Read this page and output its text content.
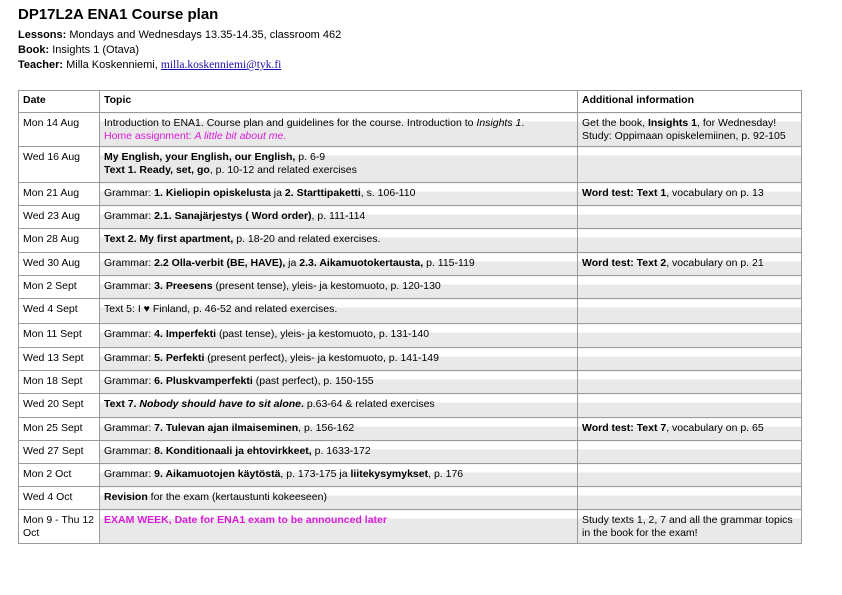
DP17L2A ENA1 Course plan
Lessons: Mondays and Wednesdays 13.35-14.35, classroom 462
Book: Insights 1 (Otava)
Teacher: Milla Koskenniemi, milla.koskenniemi@tyk.fi
Date	Topic	Additional information

Mon 14 Aug	Introduction to ENA1. Course plan and guidelines for the course. Introduction to Insights 1.
Home assignment: A little bit about me.	Get the book, Insights 1, for Wednesday!
Study: Oppimaan opiskelemiinen, p. 92-105

Wed 16 Aug	My English, your English, our English, p. 6-9
Text 1. Ready, set, go, p. 10-12 and related exercises	

Mon 21 Aug	Grammar: 1. Kieliopin opiskelusta ja 2. Starttipaketti, s. 106-110	Word test: Text 1, vocabulary on p. 13

Wed 23 Aug	Grammar: 2.1. Sanajärjestys ( Word order), p. 111-114	

Mon 28 Aug	Text 2. My first apartment, p. 18-20 and related exercises.	

Wed 30 Aug	Grammar: 2.2 Olla-verbit (BE, HAVE), ja 2.3. Aikamuotokertausta, p. 115-119	Word test: Text 2, vocabulary on p. 21

Mon 2 Sept	Grammar: 3. Preesens (present tense), yleis- ja kestomuoto, p. 120-130	

Wed 4 Sept	Text 5: I ♥ Finland, p. 46-52 and related exercises.	

Mon 11 Sept	Grammar: 4. Imperfekti (past tense), yleis- ja kestomuoto, p. 131-140	

Wed 13 Sept	Grammar: 5. Perfekti (present perfect), yleis- ja kestomuoto, p. 141-149	

Mon 18 Sept	Grammar: 6. Pluskvamperfekti (past perfect), p. 150-155	

Wed 20 Sept	Text 7. Nobody should have to sit alone. p.63-64 & related exercises	

Mon 25 Sept	Grammar: 7. Tulevan ajan ilmaiseminen, p. 156-162	Word test: Text 7, vocabulary on p. 65

Wed 27 Sept	Grammar: 8. Konditionaali ja ehtovirkkeet, p. 1633-172	

Mon 2 Oct	Grammar: 9. Aikamuotojen käytöstä, p. 173-175 ja liitekysymykset, p. 176	

Wed 4 Oct	Revision for the exam (kertaustunti kokeeseen)	

Mon 9 - Thu 12 Oct	EXAM WEEK, Date for ENA1 exam to be announced later	Study texts 1, 2, 7 and all the grammar topics in the book for the exam!
